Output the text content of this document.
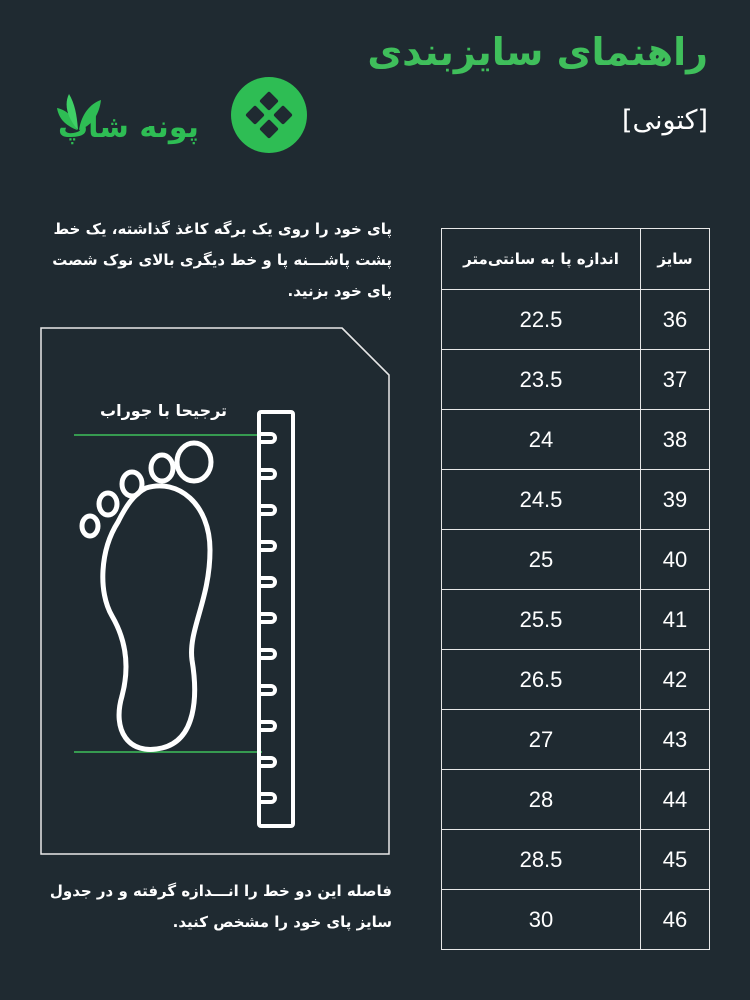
راهنمای سایزبندی
[کتونی]
پونه شاپ
پای خود را روی یک برگه کاغذ گذاشته، یک خط پشت پاشـــنه پا و خط دیگری بالای نوک شصت پای خود بزنید.
ترجیحا با جوراب
فاصله این دو خط را انـــدازه گرفته و در جدول سایز پای خود را مشخص کنید.
اندازه پا به سانتی‌متر	سایز
22.5	36
23.5	37
24	38
24.5	39
25	40
25.5	41
26.5	42
27	43
28	44
28.5	45
30	46
